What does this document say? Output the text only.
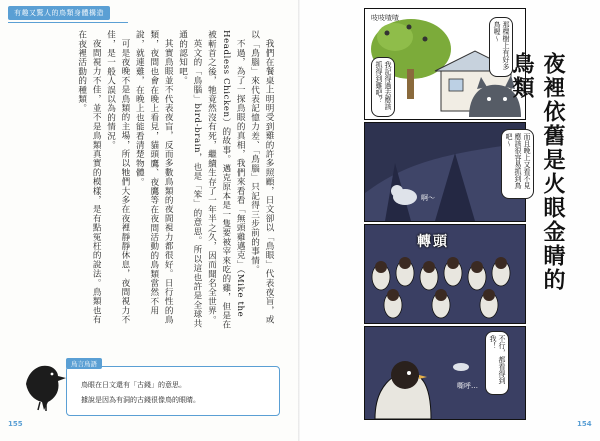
有趣又驚人的鳥類身體構造

我們在餐桌上明明受到雞的許多照顧，日文卻以「鳥眼」代表夜盲，或以「鳥腦」來代表記憶力差、「鳥腦」只記得三步前的事情。

不過，為了一探鳥眼的真相，我們來看看「無頭雞邁克」（Mike the Headless Chicken）的故事。邁克原本是一隻要被宰來吃的雞，但是在被斬首之後，牠竟然沒有死，繼續生存了一年半之久，因而聞名全世界。

英文的「鳥腦」bird-brain，也是「笨」的意思。所以這也許是全球共通的認知吧。

其實鳥眼並不代表夜盲，反而多數鳥類的夜間視力都很好。日行性的鳥類，夜間也會在晚上看見，貓頭鷹、夜鷹等在夜間活動的鳥類當然不用說，就連雞，在晚上也能看清楚物體。

可是夜晚不是鳥類的主場，所以牠們大多在夜裡靜靜休息，夜間視力不佳，是一般人誤以為的情況。

夜間視力不佳，並不是鳥類真實的模樣，是有點冤枉的說法。鳥類也有在夜裡活動的種類。

鳥言鳥語
鳥眼在日文還有「古錢」的意思。
據說是因為有洞的古錢很像鳥的眼睛。
155	154
吱吱喳喳
那棵樹上有好多鳥喔～
我記得過去應該抓得到雞吧？
而且晚上又看不見應該很容易抓到鳥吧～
啊～
轉頭
不行，都看得到我！
嘶呼…
夜裡依舊是火眼金睛的鳥類
